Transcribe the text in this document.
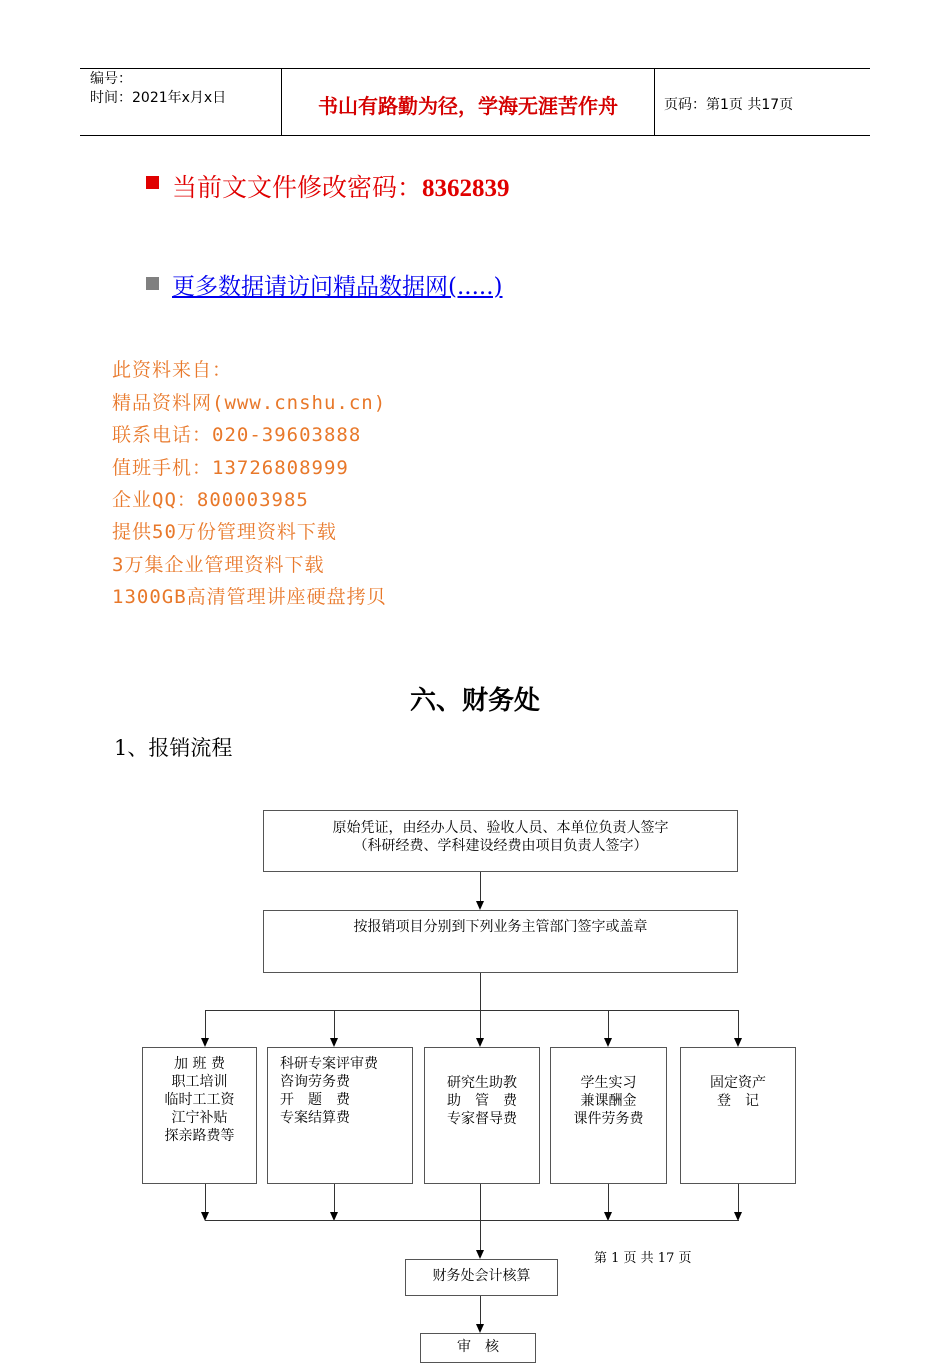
编号：
时间：2021年x月x日	书山有路勤为径，学海无涯苦作舟	页码：第1页 共17页
当前文文件修改密码：8362839
更多数据请访问精品数据网(.....)
此资料来自：
精品资料网(www.cnshu.cn)
联系电话：020-39603888
值班手机：13726808999
企业QQ：800003985
提供50万份管理资料下载
3万集企业管理资料下载
1300GB高清管理讲座硬盘拷贝
六、财务处
1、报销流程
原始凭证，由经办人员、验收人员、本单位负责人签字
（科研经费、学科建设经费由项目负责人签字）
按报销项目分别到下列业务主管部门签字或盖章
加 班 费
职工培训
临时工工资
江宁补贴
探亲路费等
科研专案评审费
咨询劳务费
开　题　费
专案结算费
研究生助教
助　管　费
专家督导费
学生实习
兼课酬金
课件劳务费
固定资产
登　记
第 1 页 共 17 页
财务处会计核算
审　核
